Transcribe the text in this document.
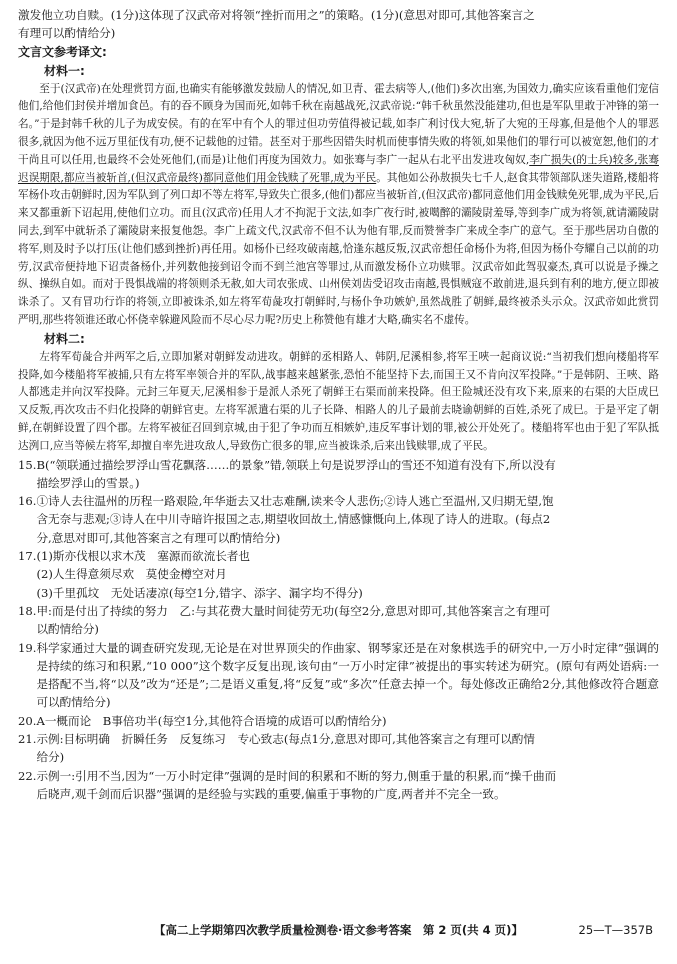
激发他立功自赎。(1分)这体现了汉武帝对将领“挫折而用之”的策略。(1分)(意思对即可,其他答案言之

有理可以酌情给分)

文言文参考译文:

材料一:

至于(汉武帝)在处理赏罚方面,也确实有能够激发鼓励人的情况,如卫青、霍去病等人,(他们)多次出塞,为国效力,确实应该看重他们宠信他们,给他们封侯并增加食邑。有的吞不顾身为国而死,如韩千秋在南越战死,汉武帝说:“韩千秋虽然没能建功,但也是军队里敢于冲锋的第一名。”于是封韩千秋的儿子为成安侯。有的在军中有个人的罪过但功劳值得被记载,如李广利讨伐大宛,斩了大宛的王母寡,但是他个人的罪恶很多,就因为他不远万里征伐有功,便不记载他的过错。甚至对于那些因错失时机而使事情失败的将领,如果他们的罪行可以被宽恕,他们的才干尚且可以任用,也最终不会处死他们,(而是)让他们再度为国效力。如张骞与李广一起从右北平出发进攻匈奴,李广损失(的士兵)较多,张骞迟误期限,都应当被斩首,(但汉武帝最终)都同意他们用金钱赎了死罪,成为平民。其他如公孙敖损失七千人,赵食其带领部队迷失道路,楼船将军杨仆攻击朝鲜时,因为军队到了列口却不等左将军,导致失亡很多,(他们)都应当被斩首,(但汉武帝)都同意他们用金钱赎免死罪,成为平民,后来又都重新下诏起用,使他们立功。而且(汉武帝)任用人才不拘泥于文法,如李广夜行时,被噶醉的灞陵尉羞辱,等到李广成为将领,就请灞陵尉同去,到军中就斩杀了灞陵尉来报复他怨。李广上疏文代,汉武帝不但不认为他有罪,反而赞誉李广来成全李广的意气。至于那些居功自傲的将军,则及时予以打压(让他们感到挫折)再任用。如杨仆已经攻破南越,恰逢东越反叛,汉武帝想任命杨仆为将,但因为杨仆夸耀自己以前的功劳,汉武帝便持地下诏责备杨仆,并列数他接到诏令而不到兰池宫等罪过,从而激发杨仆立功赎罪。汉武帝如此驾驭豪杰,真可以说是予操之纵、操纵自如。而对于畏惧战端的将领则杀无赦,如大司农张成、山州侯刘齿受诏攻击南越,畏惧贼寇不敢前进,退兵到有利的地方,便立即被诛杀了。又有冒功行诈的将领,立即被诛杀,如左将军荀彘攻打朝鲜时,与杨仆争功嫉妒,虽然战胜了朝鲜,最终被杀头示众。汉武帝如此赏罚严明,那些将领谁还敢心怀侥幸躲避风险而不尽心尽力呢?历史上称赞他有雄才大略,确实名不虚传。

材料二:

左将军荀彘合并两军之后,立即加紧对朝鲜发动进攻。朝鲜的丞相路人、韩阴,尼溪相参,将军王唊一起商议说:“当初我们想向楼船将军投降,如今楼船将军被捕,只有左将军率领合并的军队,战事越来越紧张,恐怕不能坚持下去,而国王又不肯向汉军投降。”于是韩阴、王唊、路人都逃走并向汉军投降。元封三年夏天,尼溪相参于是派人杀死了朝鲜王右渠而前来投降。但王险城还没有攻下来,原来的右渠的大臣成巳又反叛,再次攻击不归化投降的朝鲜官吏。左将军派遣右渠的儿子长降、相路人的儿子最前去晓谕朝鲜的百姓,杀死了成巳。于是平定了朝鲜,在朝鲜设置了四个郡。左将军被征召回到京城,由于犯了争功而互相嫉妒,违反军事计划的罪,被公开处死了。楼船将军也由于犯了军队抵达洌口,应当等候左将军,却擅自率先进攻敌人,导致伤亡很多的罪,应当被诛杀,后来出钱赎罪,成了平民。

15. B(“领联通过描绘罗浮山雪花飘落……的景象”错,领联上句是说罗浮山的雪还不知道有没有下,所以没有
描绘罗浮山的雪景。)
16. ①诗人去往温州的历程一路艰险,年华逝去又壮志难酬,读来令人悲伤;②诗人逃亡至温州,又归期无望,饱
含无奈与悲观;③诗人在中川寺暗许报国之志,期望收回故土,情感慷慨向上,体现了诗人的进取。(每点2
分,意思对即可,其他答案言之有理可以酌情给分)
17. (1)斯亦伐根以求木茂　塞源而欲流长者也
(2)人生得意须尽欢　莫使金樽空对月
(3)千里孤坟　无处话凄凉(每空1分,错字、添字、漏字均不得分)
18. 甲:而是付出了持续的努力　乙:与其花费大量时间徒劳无功(每空2分,意思对即可,其他答案言之有理可
以酌情给分)
19. 科学家通过大量的调查研究发现,无论是在对世界顶尖的作曲家、钢琴家还是在对象棋选手的研究中,一万小时定律”强调的是持续的练习和积累,“10 000”这个数字反复出现,该句由“一万小时定律”被提出的事实转述为研究。(原句有两处语病:一是搭配不当,将“以及”改为“还是”;二是语义重复,将“反复”或“多次”任意去掉一个。每处修改正确给2分,其他修改符合题意可以酌情给分)
20. A一概而论　B事倍功半(每空1分,其他符合语境的成语可以酌情给分)
21. 示例:目标明确　折瞬任务　反复练习　专心致志(每点1分,意思对即可,其他答案言之有理可以酌情
给分)
22. 示例一:引用不当,因为“一万小时定律”强调的是时间的积累和不断的努力,侧重于量的积累,而“操千曲而
后晓声,观千剑而后识器”强调的是经验与实践的重要,偏重于事物的广度,两者并不完全一致。
【高二上学期第四次教学质量检测卷·语文参考答案　第 2 页(共 4 页)】	25—T—357B
